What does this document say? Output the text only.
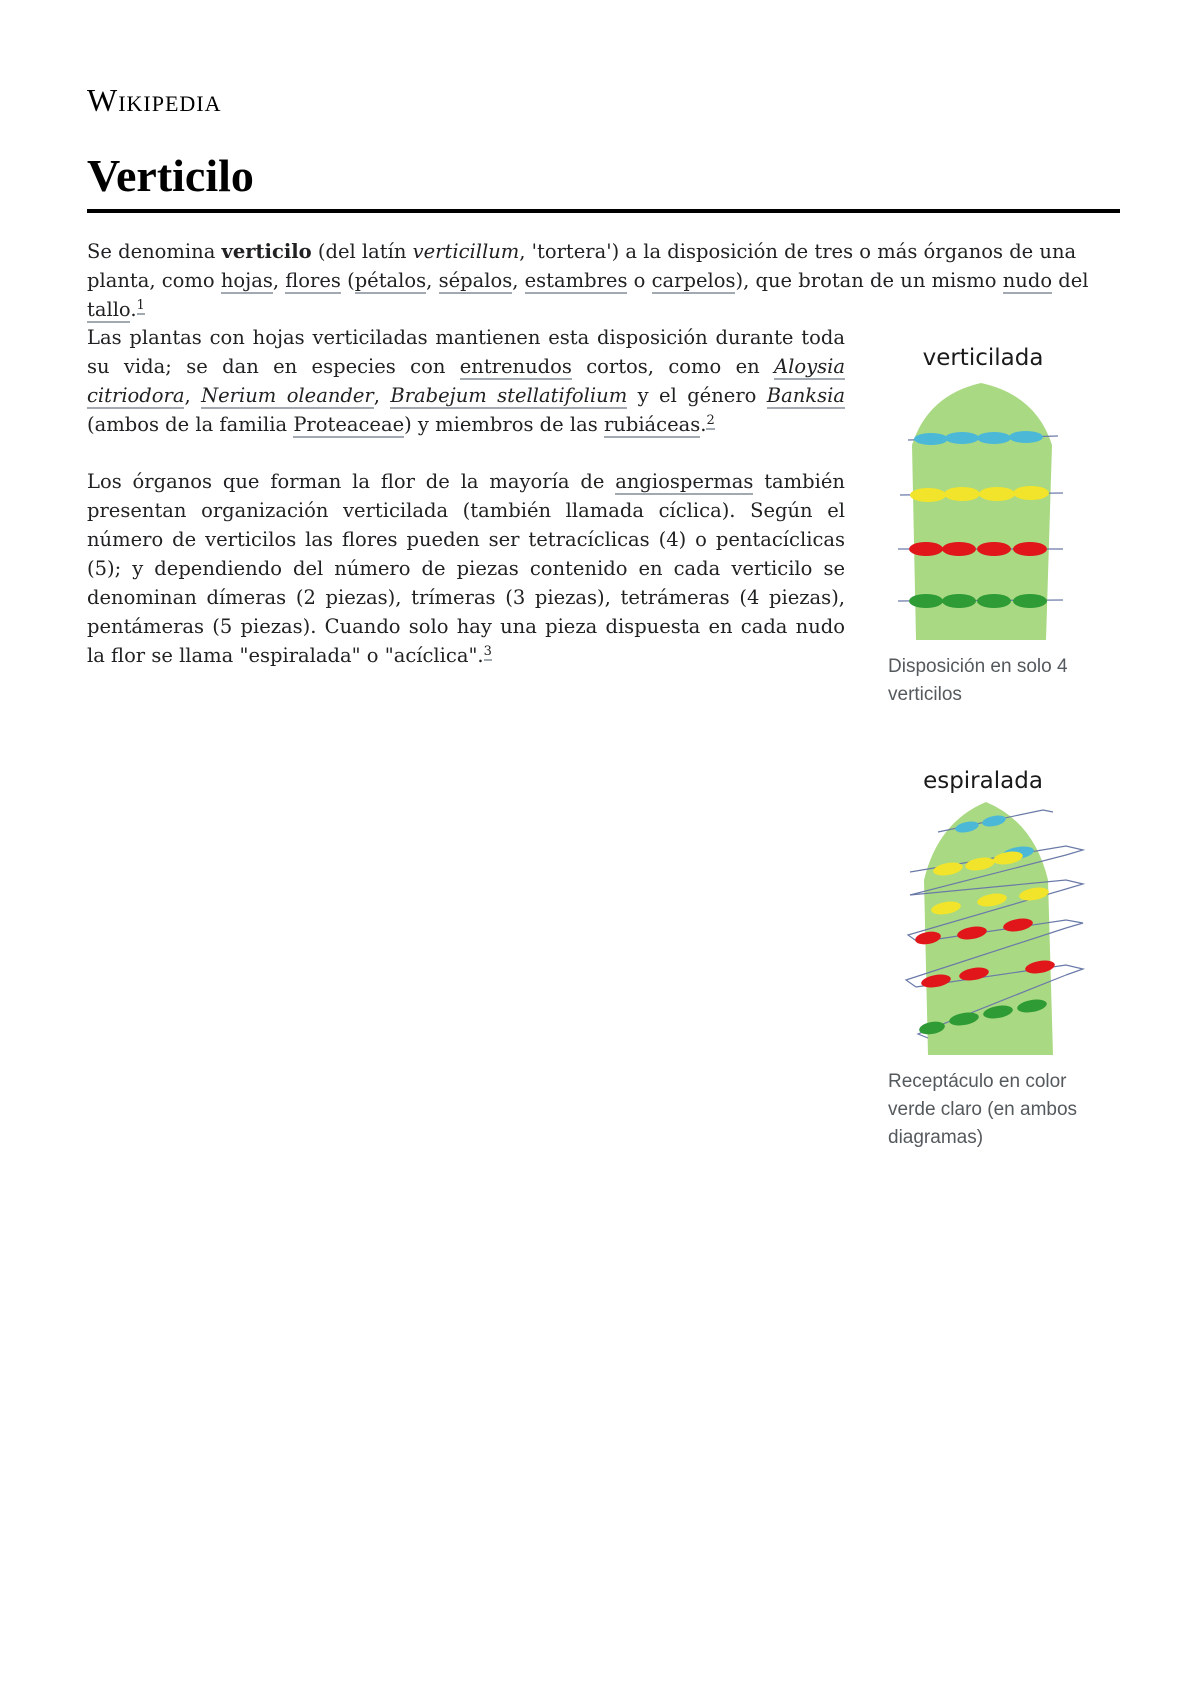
Wikipedia
Verticilo

Se denomina verticilo (del latín verticillum, 'tortera') a la disposición de tres o más órganos de una planta, como hojas, flores (pétalos, sépalos, estambres o carpelos), que brotan de un mismo nudo del tallo.$^1$

Las plantas con hojas verticiladas mantienen esta disposición durante toda su vida; se dan en especies con entrenudos cortos, como en Aloysia citriodora, Nerium oleander, Brabejum stellatifolium y el género Banksia (ambos de la familia Proteaceae) y miembros de las rubiáceas.$^2$

Los órganos que forman la flor de la mayoría de angiospermas también presentan organización verticilada (también llamada cíclica). Según el número de verticilos las flores pueden ser tetracíclicas (4) o pentacíclicas (5); y dependiendo del número de piezas contenido en cada verticilo se denominan dímeras (2 piezas), trímeras (3 piezas), tetrámeras (4 piezas), pentámeras (5 piezas). Cuando solo hay una pieza dispuesta en cada nudo la flor se llama "espiralada" o "acíclica".$^3$

verticilada
Disposición en solo 4 verticilos
espiralada
Receptáculo en color verde claro (en ambos diagramas)
